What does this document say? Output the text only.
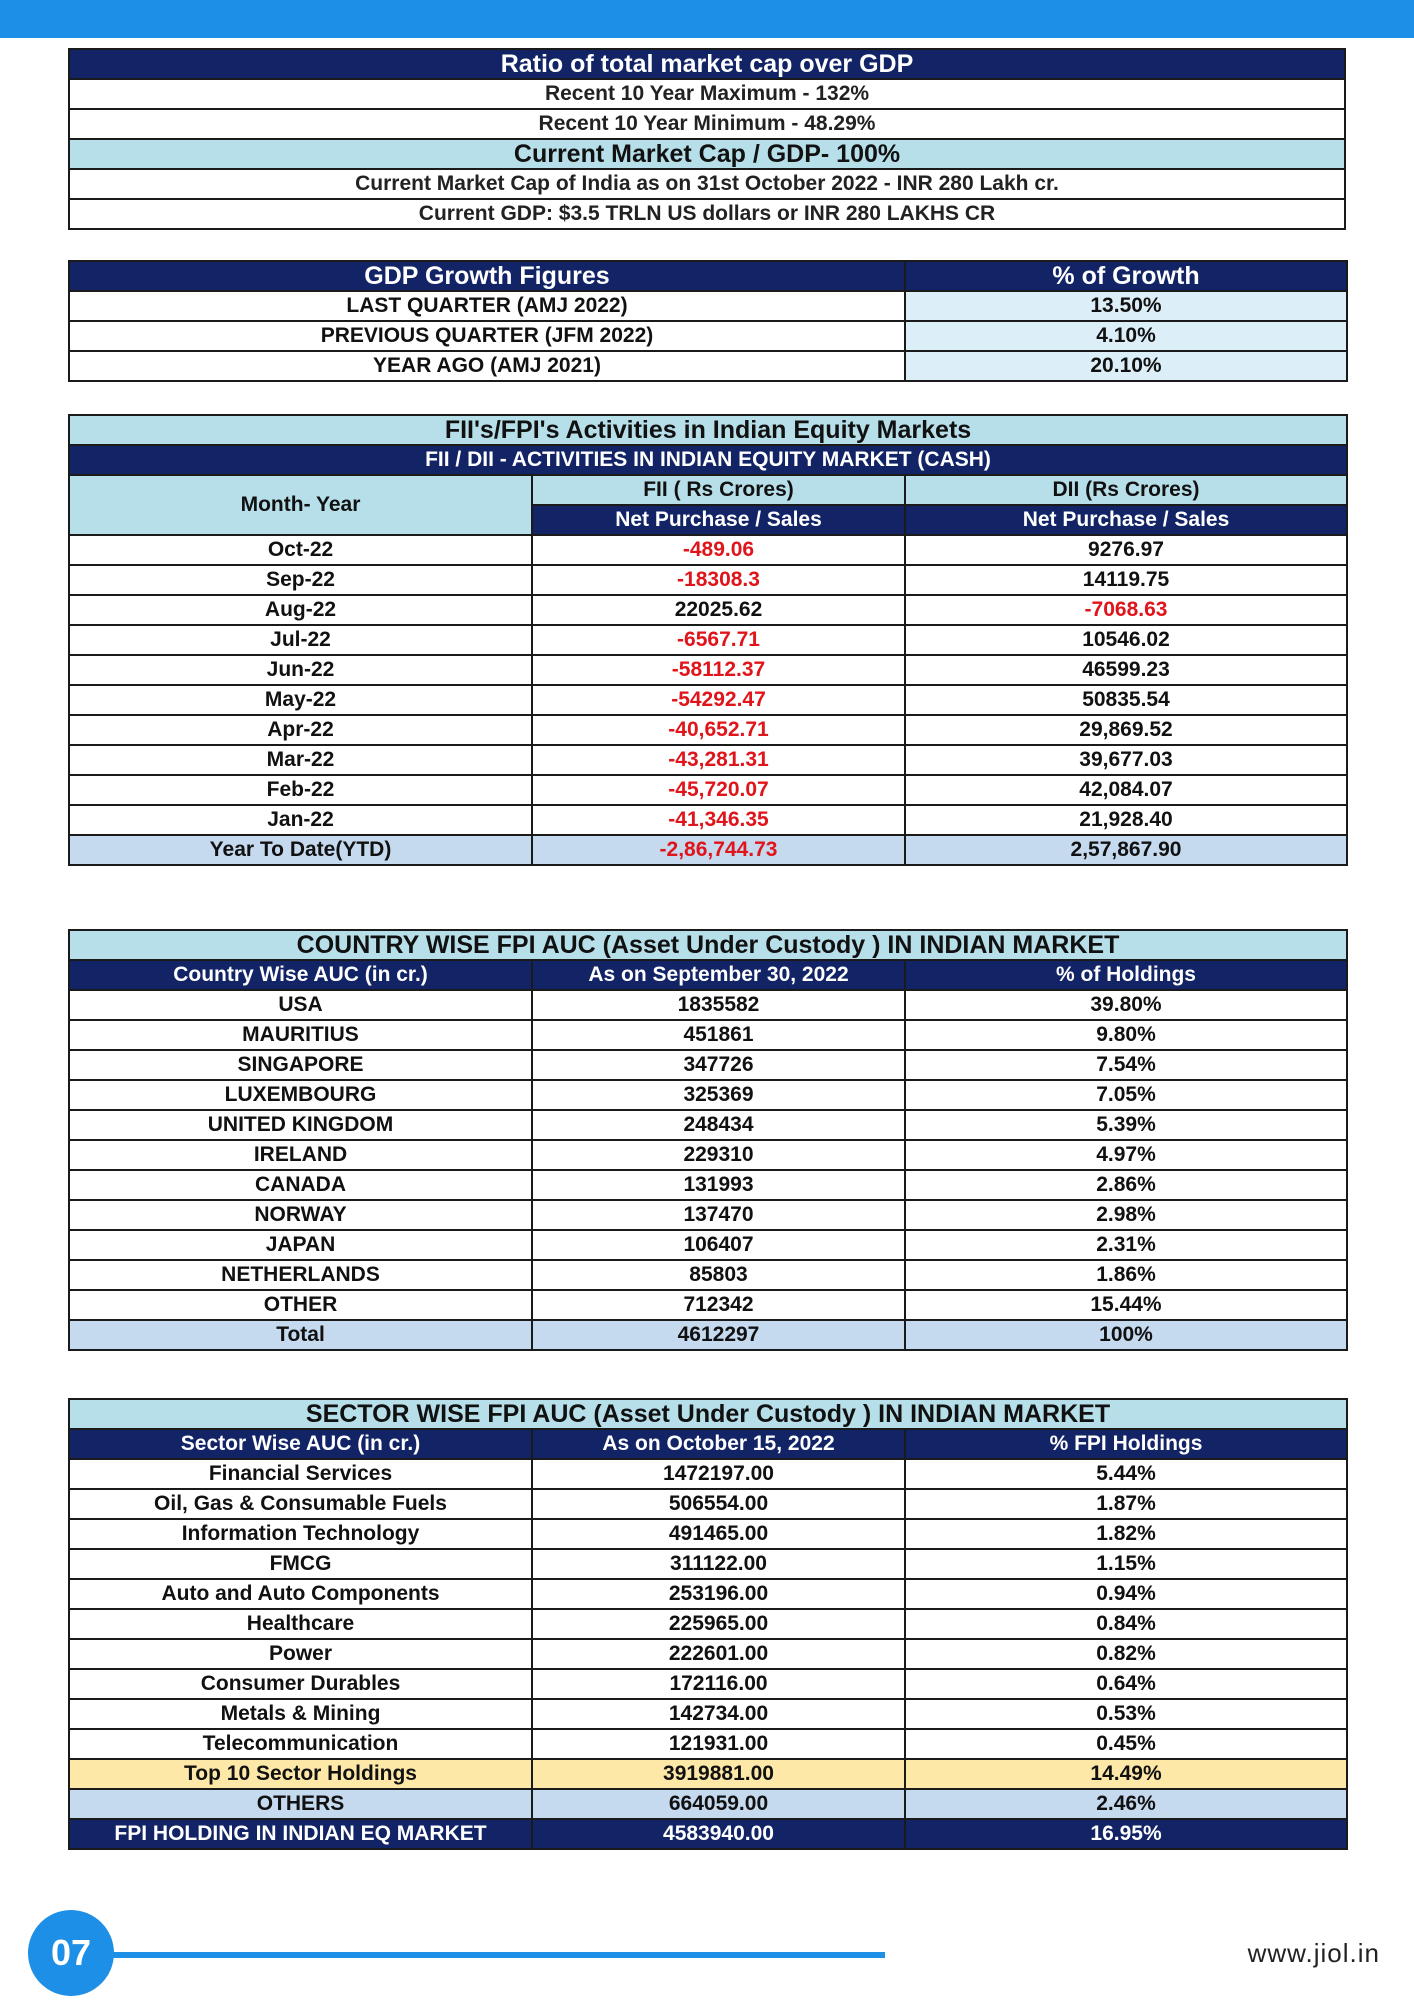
Ratio of total market cap over GDP
Recent 10 Year Maximum - 132%
Recent 10 Year Minimum - 48.29%
Current Market Cap / GDP- 100%
Current Market Cap of India as on 31st October 2022 - INR 280 Lakh cr.
Current GDP: $3.5 TRLN US dollars or INR 280 LAKHS CR
GDP Growth Figures	% of Growth
LAST QUARTER (AMJ 2022)	13.50%
PREVIOUS QUARTER (JFM 2022)	4.10%
YEAR AGO (AMJ 2021)	20.10%
FII's/FPI's Activities in Indian Equity Markets		
FII / DII - ACTIVITIES IN INDIAN EQUITY MARKET (CASH)		
Month- Year	FII ( Rs Crores)	DII (Rs Crores)
	Net Purchase / Sales	Net Purchase / Sales
Oct-22	-489.06	9276.97
Sep-22	-18308.3	14119.75
Aug-22	22025.62	-7068.63
Jul-22	-6567.71	10546.02
Jun-22	-58112.37	46599.23
May-22	-54292.47	50835.54
Apr-22	-40,652.71	29,869.52
Mar-22	-43,281.31	39,677.03
Feb-22	-45,720.07	42,084.07
Jan-22	-41,346.35	21,928.40
Year To Date(YTD)	-2,86,744.73	2,57,867.90
COUNTRY WISE FPI AUC (Asset Under Custody ) IN INDIAN MARKET		
Country Wise AUC (in cr.)	As on September 30, 2022	% of Holdings
USA	1835582	39.80%
MAURITIUS	451861	9.80%
SINGAPORE	347726	7.54%
LUXEMBOURG	325369	7.05%
UNITED KINGDOM	248434	5.39%
IRELAND	229310	4.97%
CANADA	131993	2.86%
NORWAY	137470	2.98%
JAPAN	106407	2.31%
NETHERLANDS	85803	1.86%
OTHER	712342	15.44%
Total	4612297	100%
SECTOR WISE FPI AUC (Asset Under Custody ) IN INDIAN MARKET		
Sector Wise AUC (in cr.)	As on October 15, 2022	% FPI Holdings
Financial Services	1472197.00	5.44%
Oil, Gas & Consumable Fuels	506554.00	1.87%
Information Technology	491465.00	1.82%
FMCG	311122.00	1.15%
Auto and Auto Components	253196.00	0.94%
Healthcare	225965.00	0.84%
Power	222601.00	0.82%
Consumer Durables	172116.00	0.64%
Metals & Mining	142734.00	0.53%
Telecommunication	121931.00	0.45%
Top 10 Sector Holdings	3919881.00	14.49%
OTHERS	664059.00	2.46%
FPI HOLDING IN INDIAN EQ MARKET	4583940.00	16.95%
07	www.jiol.in
